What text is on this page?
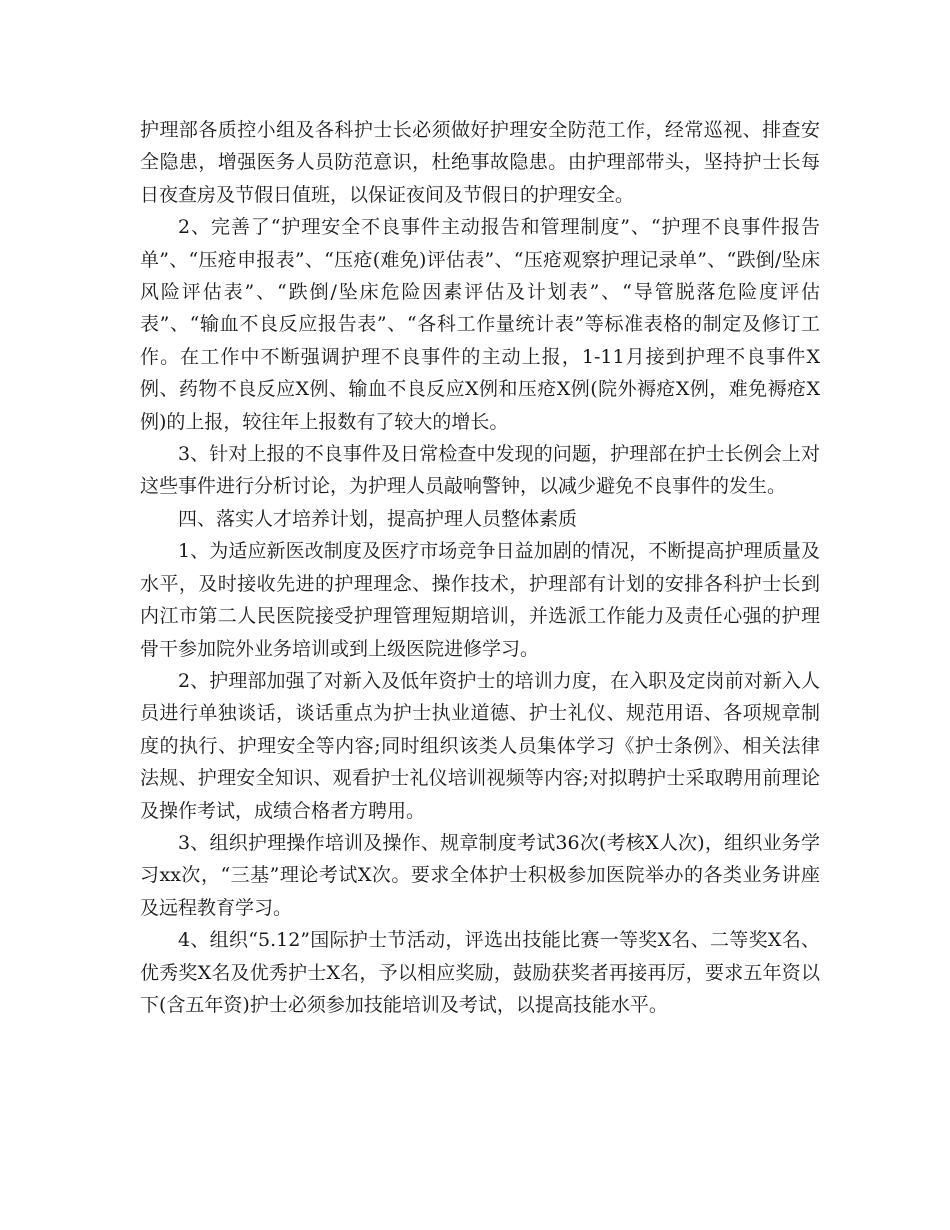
护理部各质控小组及各科护士长必须做好护理安全防范工作，经常巡视、排查安全隐患，增强医务人员防范意识，杜绝事故隐患。由护理部带头，坚持护士长每日夜查房及节假日值班，以保证夜间及节假日的护理安全。

2、完善了“护理安全不良事件主动报告和管理制度”、“护理不良事件报告单”、“压疮申报表”、“压疮(难免)评估表”、“压疮观察护理记录单”、“跌倒/坠床风险评估表”、“跌倒/坠床危险因素评估及计划表”、“导管脱落危险度评估表”、“输血不良反应报告表”、“各科工作量统计表”等标准表格的制定及修订工作。在工作中不断强调护理不良事件的主动上报，1-11月接到护理不良事件X例、药物不良反应X例、输血不良反应X例和压疮X例(院外褥疮X例，难免褥疮X例)的上报，较往年上报数有了较大的增长。

3、针对上报的不良事件及日常检查中发现的问题，护理部在护士长例会上对这些事件进行分析讨论，为护理人员敲响警钟，以减少避免不良事件的发生。

四、落实人才培养计划，提高护理人员整体素质

1、为适应新医改制度及医疗市场竞争日益加剧的情况，不断提高护理质量及水平，及时接收先进的护理理念、操作技术，护理部有计划的安排各科护士长到内江市第二人民医院接受护理管理短期培训，并选派工作能力及责任心强的护理骨干参加院外业务培训或到上级医院进修学习。

2、护理部加强了对新入及低年资护士的培训力度，在入职及定岗前对新入人员进行单独谈话，谈话重点为护士执业道德、护士礼仪、规范用语、各项规章制度的执行、护理安全等内容;同时组织该类人员集体学习《护士条例》、相关法律法规、护理安全知识、观看护士礼仪培训视频等内容;对拟聘护士采取聘用前理论及操作考试，成绩合格者方聘用。

3、组织护理操作培训及操作、规章制度考试36次(考核X人次)，组织业务学习xx次，“三基”理论考试X次。要求全体护士积极参加医院举办的各类业务讲座及远程教育学习。

4、组织“5.12”国际护士节活动，评选出技能比赛一等奖X名、二等奖X名、优秀奖X名及优秀护士X名，予以相应奖励，鼓励获奖者再接再厉，要求五年资以下(含五年资)护士必须参加技能培训及考试，以提高技能水平。
